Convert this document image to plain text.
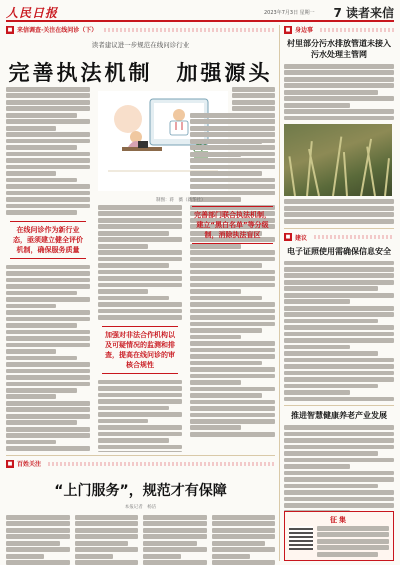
人民日报	2023年7月3日 星期一 7 读者来信
■ 来信调查·关注在线问诊（下）
读者建议进一步规范在线问诊行业
完善执法机制　加强源头
在线问诊作为新行业态，亟须建立健全评价机制，确保服务质量
加强对非法合作机构以及可疑情况的监测和排查，提高在线问诊的审核合规性
完善部门联合执法机制，建立“黑白名单”等分级制，消除执法盲区
制图：蒋　薇（新华社）
■ 百姓关注
“上门服务”，规范才有保障
本报记者　杨洁
■ 身边事
村里部分污水排放管道未接入污水处理主管网
■ 建议
电子证照使用需确保信息安全
推进智慧健康养老产业发展
征集
